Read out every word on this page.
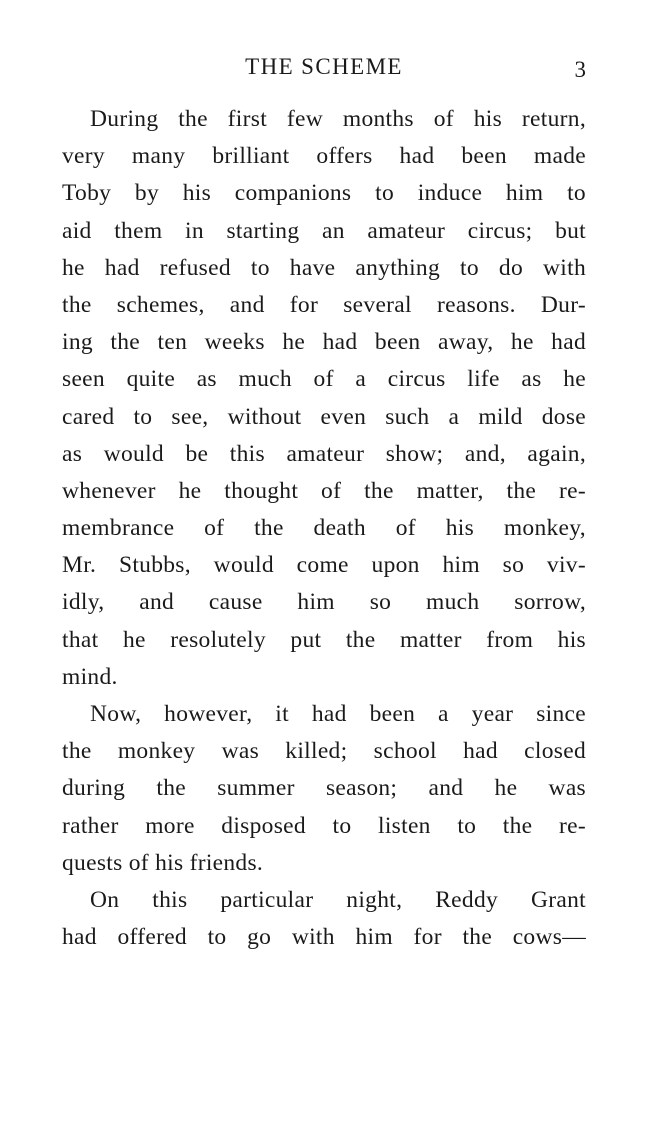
THE SCHEME	3
During the first few months of his return,
very many brilliant offers had been made
Toby by his companions to induce him to
aid them in starting an amateur circus; but
he had refused to have anything to do with
the schemes, and for several reasons. Dur-
ing the ten weeks he had been away, he had
seen quite as much of a circus life as he
cared to see, without even such a mild dose
as would be this amateur show; and, again,
whenever he thought of the matter, the re-
membrance of the death of his monkey,
Mr. Stubbs, would come upon him so viv-
idly, and cause him so much sorrow,
that he resolutely put the matter from his
mind.
Now, however, it had been a year since
the monkey was killed; school had closed
during the summer season; and he was
rather more disposed to listen to the re-
quests of his friends.
On this particular night, Reddy Grant
had offered to go with him for the cows—
